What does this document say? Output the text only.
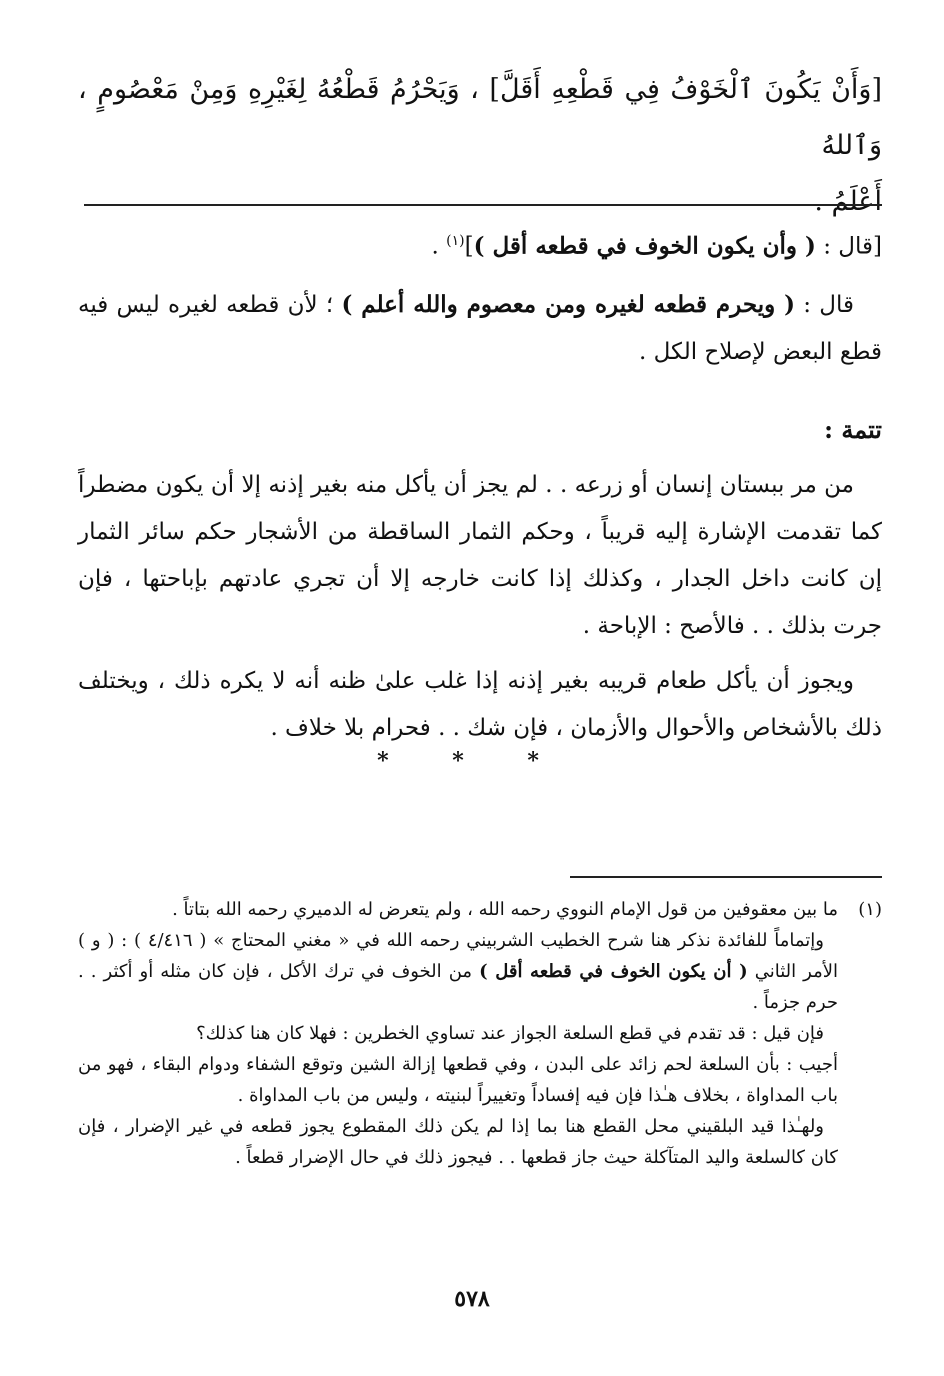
[وَأَنْ يَكُونَ ٱلْخَوْفُ فِي قَطْعِهِ أَقَلَّ] ، وَيَحْرُمُ قَطْعُهُ لِغَيْرِهِ وَمِنْ مَعْصُومٍ ، وَٱللهُ
أَعْلَمُ .

[قال : ( وأن يكون الخوف في قطعه أقل )]$^{(١)}$ .

قال : ( ويحرم قطعه لغيره ومن معصوم والله أعلم ) ؛ لأن قطعه لغيره ليس فيه قطع البعض لإصلاح الكل .

تتمة :

من مر ببستان إنسان أو زرعه . . لم يجز أن يأكل منه بغير إذنه إلا أن يكون مضطراً كما تقدمت الإشارة إليه قريباً ، وحكم الثمار الساقطة من الأشجار حكم سائر الثمار إن كانت داخل الجدار ، وكذلك إذا كانت خارجه إلا أن تجري عادتهم بإباحتها ، فإن جرت بذلك . . فالأصح : الإباحة .

ويجوز أن يأكل طعام قريبه بغير إذنه إذا غلب علىٰ ظنه أنه لا يكره ذلك ، ويختلف ذلك بالأشخاص والأحوال والأزمان ، فإن شك . . فحرام بلا خلاف .

* * *

(١)ما بين معقوفين من قول الإمام النووي رحمه الله ، ولم يتعرض له الدميري رحمه الله بتاتاً .

وإتماماً للفائدة نذكر هنا شرح الخطيب الشربيني رحمه الله في « مغني المحتاج » ( ٤/٤١٦ ) : ( و ) الأمر الثاني ( أن يكون الخوف في قطعه أقل ) من الخوف في ترك الأكل ، فإن كان مثله أو أكثر . . حرم جزماً .

فإن قيل : قد تقدم في قطع السلعة الجواز عند تساوي الخطرين : فهلا كان هنا كذلك؟

أجيب : بأن السلعة لحم زائد على البدن ، وفي قطعها إزالة الشين وتوقع الشفاء ودوام البقاء ، فهو من باب المداواة ، بخلاف هـٰذا فإن فيه إفساداً وتغييراً لبنيته ، وليس من باب المداواة .

ولهـٰذا قيد البلقيني محل القطع هنا بما إذا لم يكن ذلك المقطوع يجوز قطعه في غير الإضرار ، فإن كان كالسلعة واليد المتآكلة حيث جاز قطعها . . فيجوز ذلك في حال الإضرار قطعاً .

٥٧٨
